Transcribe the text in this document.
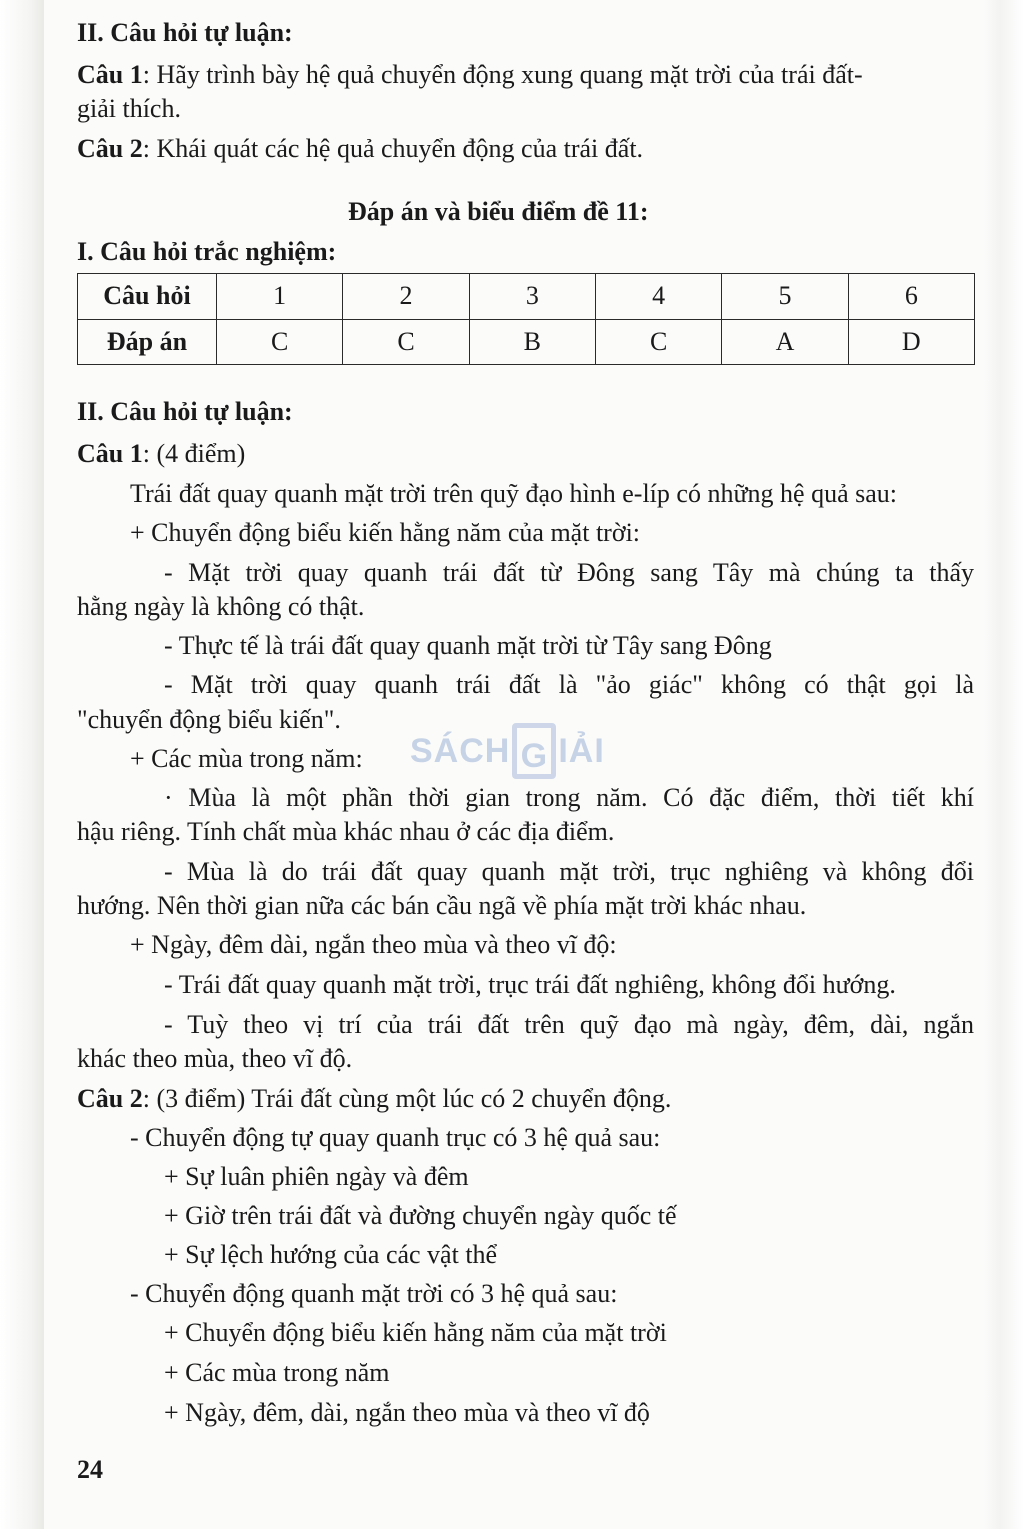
II. Câu hỏi tự luận:
Câu 1: Hãy trình bày hệ quả chuyển động xung quang mặt trời của trái đất-
giải thích.
Câu 2: Khái quát các hệ quả chuyển động của trái đất.
Đáp án và biểu điểm đề 11:
I. Câu hỏi trắc nghiệm:
Câu hỏi	1	2	3	4	5	6
Đáp án	C	C	B	C	A	D
II. Câu hỏi tự luận:
Câu 1: (4 điểm)
Trái đất quay quanh mặt trời trên quỹ đạo hình e-líp có những hệ quả sau:
+ Chuyển động biểu kiến hằng năm của mặt trời:
- Mặt trời quay quanh trái đất từ Đông sang Tây mà chúng ta thấy
hằng ngày là không có thật.
- Thực tế là trái đất quay quanh mặt trời từ Tây sang Đông
- Mặt trời quay quanh trái đất là "ảo giác" không có thật gọi là
"chuyển động biểu kiến".
+ Các mùa trong năm:
· Mùa là một phần thời gian trong năm. Có đặc điểm, thời tiết khí
hậu riêng. Tính chất mùa khác nhau ở các địa điểm.
- Mùa là do trái đất quay quanh mặt trời, trục nghiêng và không đổi
hướng. Nên thời gian nữa các bán cầu ngã về phía mặt trời khác nhau.
+ Ngày, đêm dài, ngắn theo mùa và theo vĩ độ:
- Trái đất quay quanh mặt trời, trục trái đất nghiêng, không đổi hướng.
- Tuỳ theo vị trí của trái đất trên quỹ đạo mà ngày, đêm, dài, ngắn
khác theo mùa, theo vĩ độ.
Câu 2: (3 điểm) Trái đất cùng một lúc có 2 chuyển động.
- Chuyển động tự quay quanh trục có 3 hệ quả sau:
+ Sự luân phiên ngày và đêm
+ Giờ trên trái đất và đường chuyển ngày quốc tế
+ Sự lệch hướng của các vật thể
- Chuyển động quanh mặt trời có 3 hệ quả sau:
+ Chuyển động biểu kiến hằng năm của mặt trời
+ Các mùa trong năm
+ Ngày, đêm, dài, ngắn theo mùa và theo vĩ độ
SÁCH G IẢI
24
